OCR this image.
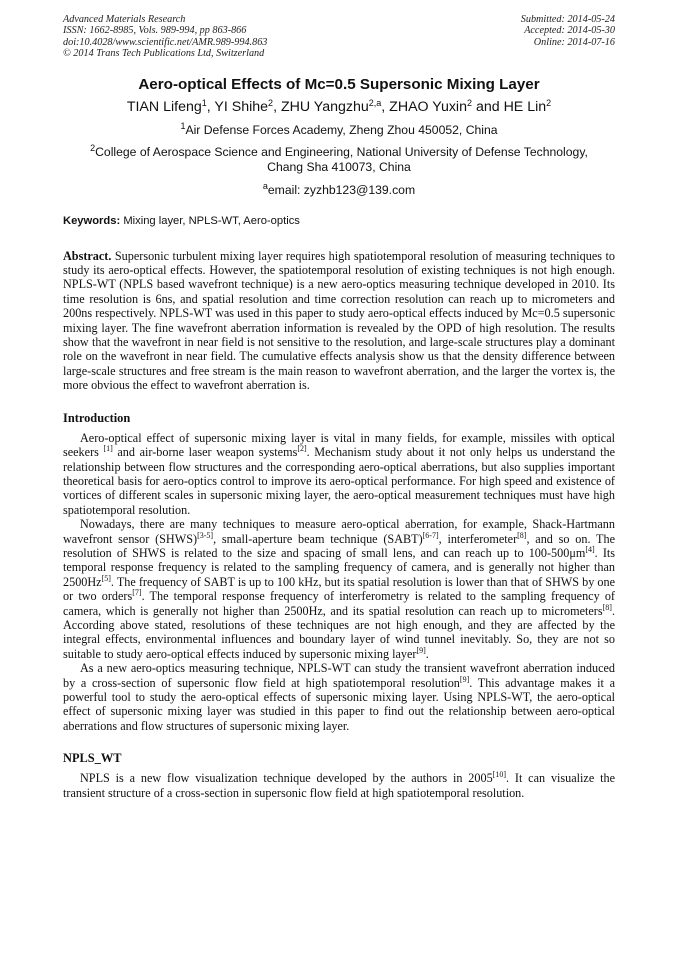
Advanced Materials Research
ISSN: 1662-8985, Vols. 989-994, pp 863-866
doi:10.4028/www.scientific.net/AMR.989-994.863
© 2014 Trans Tech Publications Ltd, Switzerland
Submitted: 2014-05-24
Accepted: 2014-05-30
Online: 2014-07-16
Aero-optical Effects of Mc=0.5 Supersonic Mixing Layer
TIAN Lifeng$^1$, YI Shihe$^2$, ZHU Yangzhu$^{2,a}$, ZHAO Yuxin$^2$ and HE Lin$^2$
$^1$Air Defense Forces Academy, Zheng Zhou 450052, China
$^2$College of Aerospace Science and Engineering, National University of Defense Technology,
Chang Sha 410073, China
$^a$email: zyzhb123@139.com
Keywords: Mixing layer, NPLS-WT, Aero-optics
Abstract. Supersonic turbulent mixing layer requires high spatiotemporal resolution of measuring techniques to study its aero-optical effects. However, the spatiotemporal resolution of existing techniques is not high enough. NPLS-WT (NPLS based wavefront technique) is a new aero-optics measuring technique developed in 2010. Its time resolution is 6ns, and spatial resolution and time correction resolution can reach up to micrometers and 200ns respectively. NPLS-WT was used in this paper to study aero-optical effects induced by Mc=0.5 supersonic mixing layer. The fine wavefront aberration information is revealed by the OPD of high resolution. The results show that the wavefront in near field is not sensitive to the resolution, and large-scale structures play a dominant role on the wavefront in near field. The cumulative effects analysis show us that the density difference between large-scale structures and free stream is the main reason to wavefront aberration, and the larger the vortex is, the more obvious the effect to wavefront aberration is.
Introduction

Aero-optical effect of supersonic mixing layer is vital in many fields, for example, missiles with optical seekers [1] and air-borne laser weapon systems[2]. Mechanism study about it not only helps us understand the relationship between flow structures and the corresponding aero-optical aberrations, but also supplies important theoretical basis for aero-optics control to improve its aero-optical performance. For high speed and existence of vortices of different scales in supersonic mixing layer, the aero-optical measurement techniques must have high spatiotemporal resolution.

Nowadays, there are many techniques to measure aero-optical aberration, for example, Shack-Hartmann wavefront sensor (SHWS)[3-5], small-aperture beam technique (SABT)[6-7], interferometer[8], and so on. The resolution of SHWS is related to the size and spacing of small lens, and can reach up to 100-500μm[4]. Its temporal response frequency is related to the sampling frequency of camera, and is generally not higher than 2500Hz[5]. The frequency of SABT is up to 100 kHz, but its spatial resolution is lower than that of SHWS by one or two orders[7]. The temporal response frequency of interferometry is related to the sampling frequency of camera, which is generally not higher than 2500Hz, and its spatial resolution can reach up to micrometers[8]. According above stated, resolutions of these techniques are not high enough, and they are affected by the integral effects, environmental influences and boundary layer of wind tunnel inevitably. So, they are not so suitable to study aero-optical effects induced by supersonic mixing layer[9].

As a new aero-optics measuring technique, NPLS-WT can study the transient wavefront aberration induced by a cross-section of supersonic flow field at high spatiotemporal resolution[9]. This advantage makes it a powerful tool to study the aero-optical effects of supersonic mixing layer. Using NPLS-WT, the aero-optical effect of supersonic mixing layer was studied in this paper to find out the relationship between aero-optical aberrations and flow structures of supersonic mixing layer.

NPLS_WT

NPLS is a new flow visualization technique developed by the authors in 2005[10]. It can visualize the transient structure of a cross-section in supersonic flow field at high spatiotemporal resolution.
